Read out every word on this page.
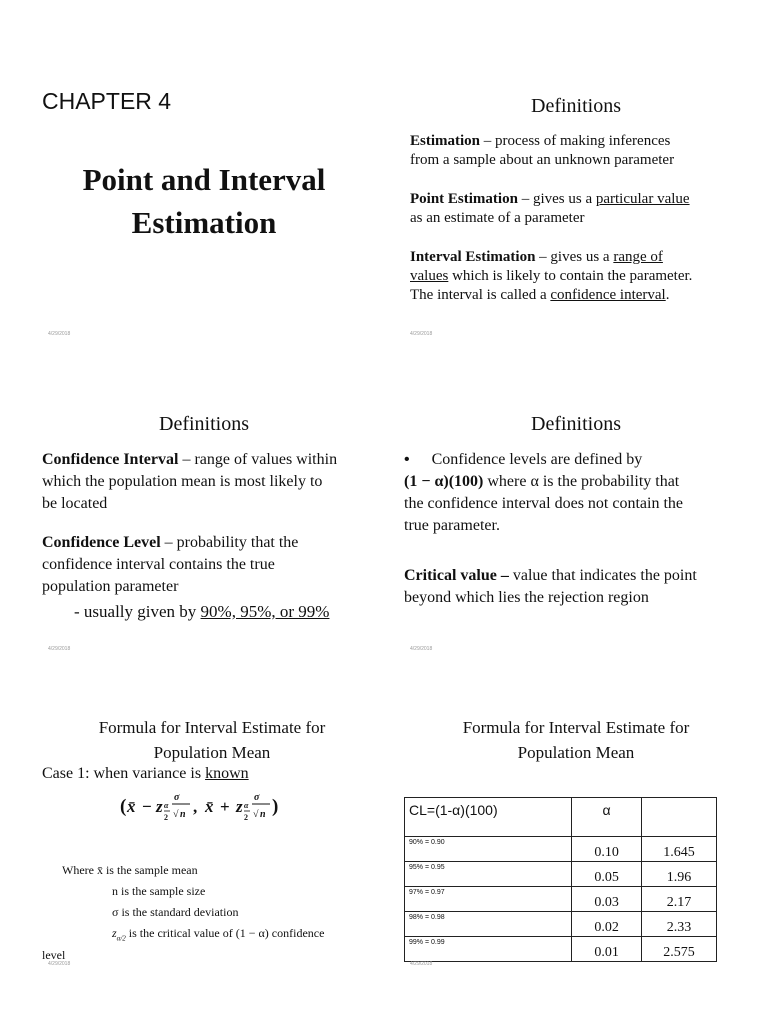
CHAPTER 4
Point and Interval
Estimation
4/29/2018
Definitions
Estimation – process of making inferences
from a sample about an unknown parameter
Point Estimation – gives us a particular value
as an estimate of a parameter
Interval Estimation – gives us a range of
values which is likely to contain the parameter.
The interval is called a confidence interval.
4/29/2018
Definitions
Confidence Interval – range of values within
which the population mean is most likely to
be located
Confidence Level – probability that the
confidence interval contains the true
population parameter
- usually given by 90%, 95%, or 99%
4/29/2018
Definitions
• Confidence levels are defined by
(1 − α)(100) where α is the probability that
the confidence interval does not contain the
true parameter.
Critical value – value that indicates the point
beyond which lies the rejection region
4/29/2018
Formula for Interval Estimate for
Population Mean
Case 1: when variance is known
( x̄ − z α
2
σ
√ n , x̄ + z α
2
σ
√ n )
Where x̄ is the sample mean
n is the sample size
σ is the standard deviation
$z_{\alpha/2}$ is the critical value of (1 − α) confidence
level
4/29/2018
Formula for Interval Estimate for
Population Mean
CL=(1-α)(100)	α	
90% = 0.90	0.10	1.645
95% = 0.95	0.05	1.96
97% = 0.97	0.03	2.17
98% = 0.98	0.02	2.33
99% = 0.99	0.01	2.575
4/29/2018
